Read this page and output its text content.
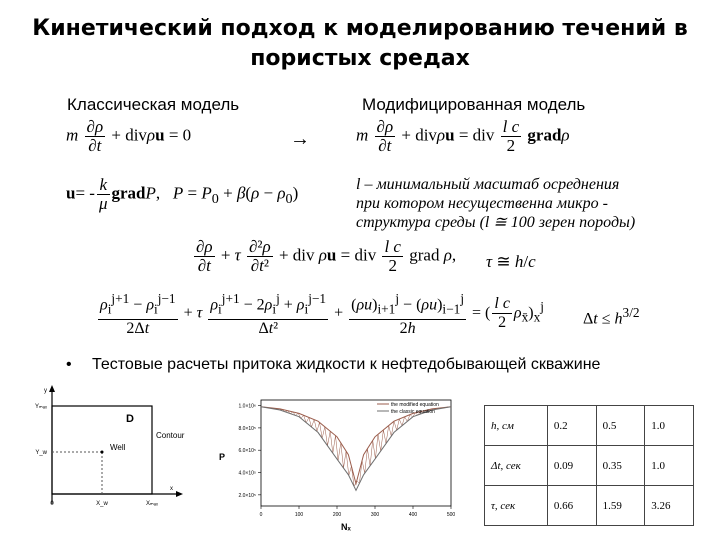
Кинетический подход к моделированию течений в
пористых средах
Классическая модель	Модифицированная модель
m $\frac{\partial\rho}{\partial t} + div\rho u = 0$	→	m $\frac{\partial\rho}{\partial t} + div\rho u$ = div $\frac{\text{l c}}{2}$ gradρ
$u= - \frac{k}{\mu}$ gradP,   $P = P_0 + \beta(\rho - \rho_0)$	l – минимальный масштаб осреднения
при котором несущественна микро -
структура среды (l ≅ 100 зерен породы)
$\frac{\partial\rho}{\partial t} + \tau \frac{\text{∂²ρ}}{\text{∂t²}}$ + div ρu = div $\frac{\text{l c}}{2}$ grad ρ, τ ≅ h/c
$\frac{\rho_i^{j+1} - \rho_i^{j-1}}{2\Delta t} + \tau \frac{\rho_i^{j+1} - 2\rho_i^j + \rho_i^{j-1}}{\text{Δt²}} + \frac{(\rho u)_{i+1}^j - (\rho u)_{i-1}^j}{2h}$ = ( $\frac{\text{l c}}{2} \rho_{x̄})_x^j$
$\Delta t \le h^{3/2}$
• Тестовые расчеты притока жидкости к нефтедобывающей скважине
y
Yₘₐₓ
Y_w
x
0	X_w	Xₘₐₓ
D
Contour
Well
2.0×10⁵
4.0×10⁵
6.0×10⁵
8.0×10⁵
1.0×10⁶
0	100	200	300	400	500
the modified equation
the classic equation
P
Nₓ
h, см	0.2	0.5	1.0
Δt, сек	0.09	0.35	1.0
τ, сек	0.66	1.59	3.26
